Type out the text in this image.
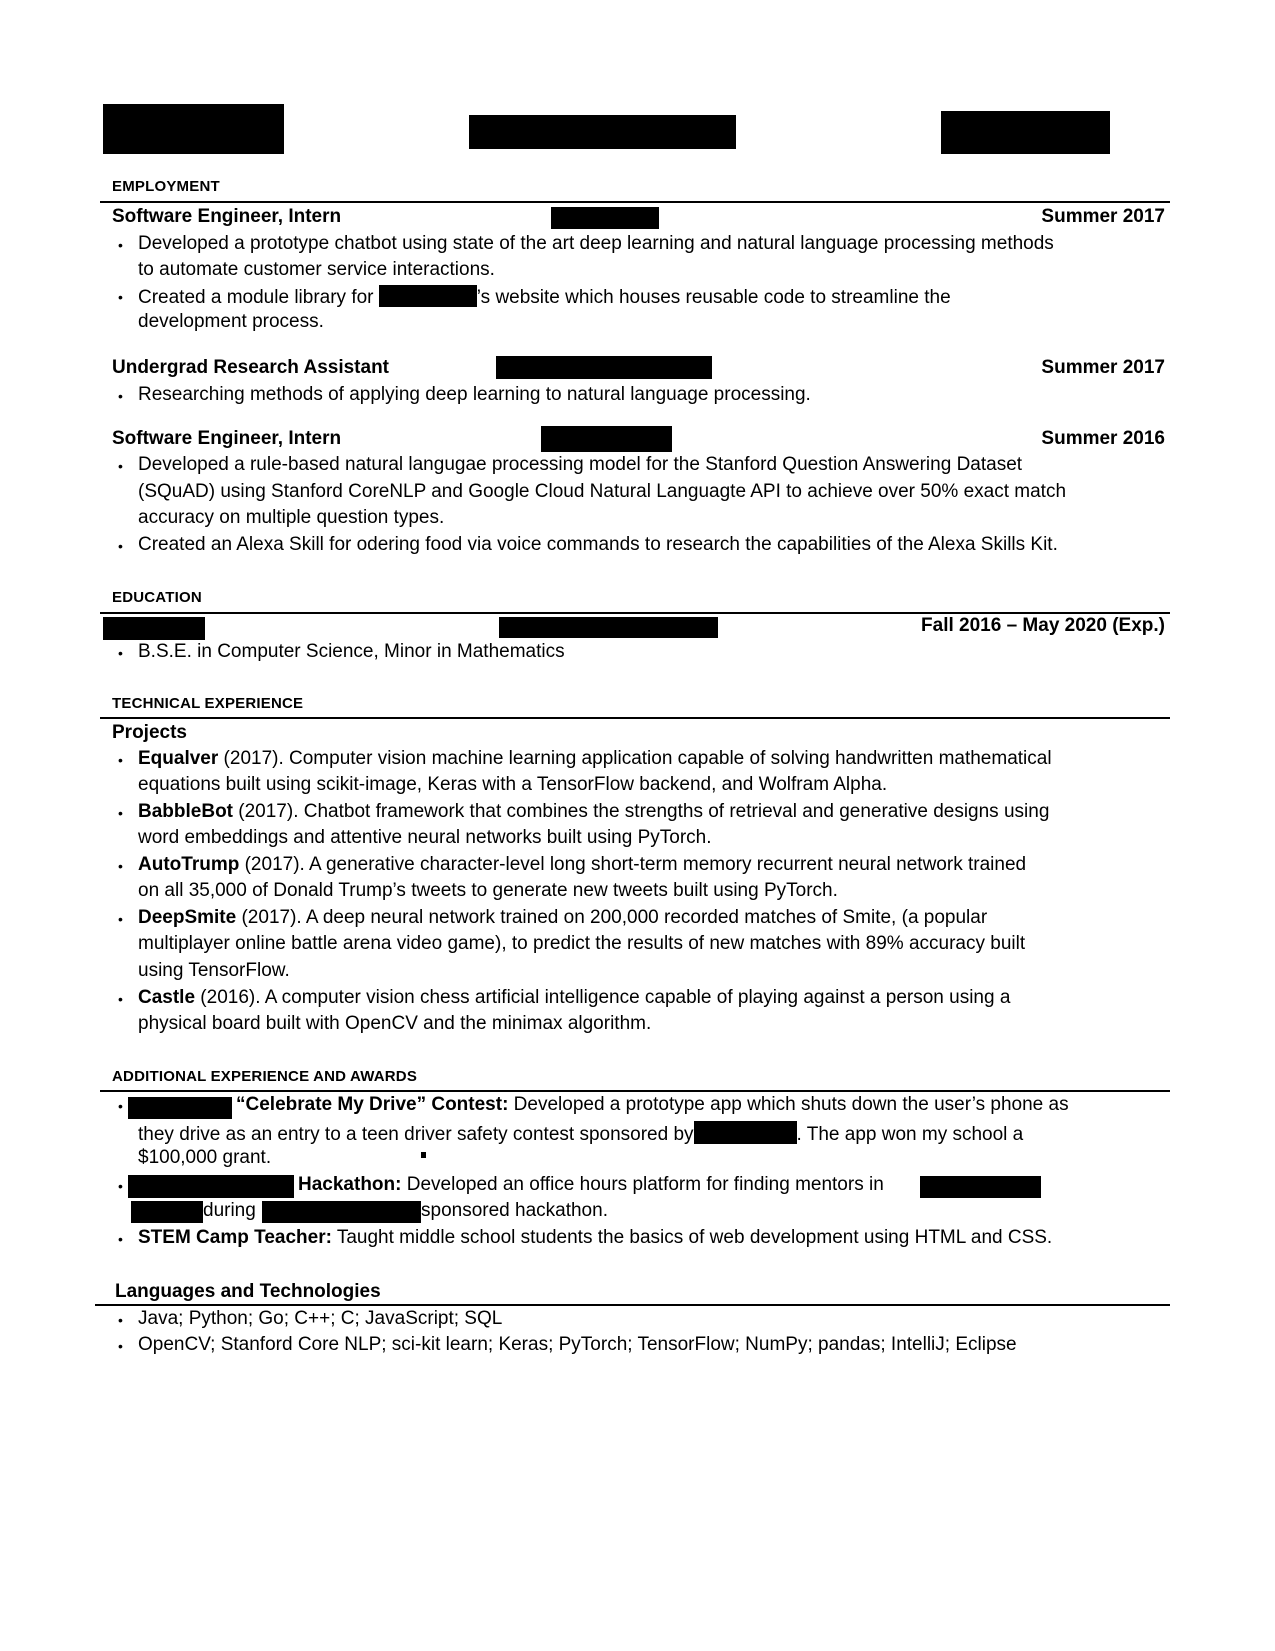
EMPLOYMENT
Software Engineer, Intern	Summer 2017
• Developed a prototype chatbot using state of the art deep learning and natural language processing methods
to automate customer service interactions.
• Created a module library for	’s website which houses reusable code to streamline the
development process.
Undergrad Research Assistant	Summer 2017
• Researching methods of applying deep learning to natural language processing.
Software Engineer, Intern	Summer 2016
• Developed a rule-based natural langugae processing model for the Stanford Question Answering Dataset
(SQuAD) using Stanford CoreNLP and Google Cloud Natural Languagte API to achieve over 50% exact match
accuracy on multiple question types.
• Created an Alexa Skill for odering food via voice commands to research the capabilities of the Alexa Skills Kit.
EDUCATION
Fall 2016 – May 2020 (Exp.)
• B.S.E. in Computer Science, Minor in Mathematics
TECHNICAL EXPERIENCE
Projects
• Equalver (2017). Computer vision machine learning application capable of solving handwritten mathematical
equations built using scikit-image, Keras with a TensorFlow backend, and Wolfram Alpha.
• BabbleBot (2017). Chatbot framework that combines the strengths of retrieval and generative designs using
word embeddings and attentive neural networks built using PyTorch.
• AutoTrump (2017). A generative character-level long short-term memory recurrent neural network trained
on all 35,000 of Donald Trump’s tweets to generate new tweets built using PyTorch.
• DeepSmite (2017). A deep neural network trained on 200,000 recorded matches of Smite, (a popular
multiplayer online battle arena video game), to predict the results of new matches with 89% accuracy built
using TensorFlow.
• Castle (2016). A computer vision chess artificial intelligence capable of playing against a person using a
physical board built with OpenCV and the minimax algorithm.
ADDITIONAL EXPERIENCE AND AWARDS
•	“Celebrate My Drive” Contest: Developed a prototype app which shuts down the user’s phone as
they drive as an entry to a teen driver safety contest sponsored by	. The app won my school a
$100,000 grant.
•	Hackathon: Developed an office hours platform for finding mentors in
during	sponsored hackathon.
• STEM Camp Teacher: Taught middle school students the basics of web development using HTML and CSS.
Languages and Technologies
• Java; Python; Go; C++; C; JavaScript; SQL
• OpenCV; Stanford Core NLP; sci-kit learn; Keras; PyTorch; TensorFlow; NumPy; pandas; IntelliJ; Eclipse
